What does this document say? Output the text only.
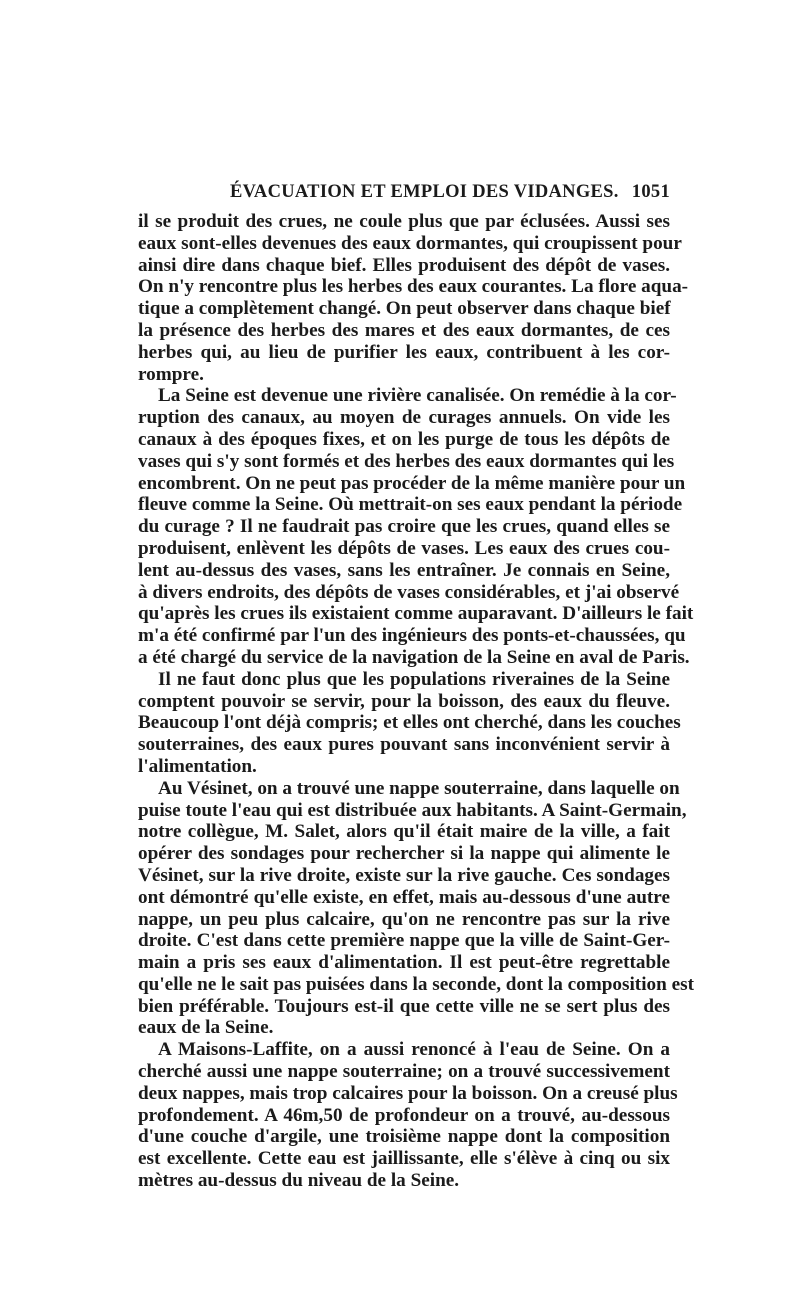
ÉVACUATION ET EMPLOI DES VIDANGES. 1051
il se produit des crues, ne coule plus que par éclusées. Aussi ses
eaux sont-elles devenues des eaux dormantes, qui croupissent pour
ainsi dire dans chaque bief. Elles produisent des dépôt de vases.
On n'y rencontre plus les herbes des eaux courantes. La flore aqua-
tique a complètement changé. On peut observer dans chaque bief
la présence des herbes des mares et des eaux dormantes, de ces
herbes qui, au lieu de purifier les eaux, contribuent à les cor-
rompre.
La Seine est devenue une rivière canalisée. On remédie à la cor-
ruption des canaux, au moyen de curages annuels. On vide les
canaux à des époques fixes, et on les purge de tous les dépôts de
vases qui s'y sont formés et des herbes des eaux dormantes qui les
encombrent. On ne peut pas procéder de la même manière pour un
fleuve comme la Seine. Où mettrait-on ses eaux pendant la période
du curage ? Il ne faudrait pas croire que les crues, quand elles se
produisent, enlèvent les dépôts de vases. Les eaux des crues cou-
lent au-dessus des vases, sans les entraîner. Je connais en Seine,
à divers endroits, des dépôts de vases considérables, et j'ai observé
qu'après les crues ils existaient comme auparavant. D'ailleurs le fait
m'a été confirmé par l'un des ingénieurs des ponts-et-chaussées, qu
a été chargé du service de la navigation de la Seine en aval de Paris.
Il ne faut donc plus que les populations riveraines de la Seine
comptent pouvoir se servir, pour la boisson, des eaux du fleuve.
Beaucoup l'ont déjà compris; et elles ont cherché, dans les couches
souterraines, des eaux pures pouvant sans inconvénient servir à
l'alimentation.
Au Vésinet, on a trouvé une nappe souterraine, dans laquelle on
puise toute l'eau qui est distribuée aux habitants. A Saint-Germain,
notre collègue, M. Salet, alors qu'il était maire de la ville, a fait
opérer des sondages pour rechercher si la nappe qui alimente le
Vésinet, sur la rive droite, existe sur la rive gauche. Ces sondages
ont démontré qu'elle existe, en effet, mais au-dessous d'une autre
nappe, un peu plus calcaire, qu'on ne rencontre pas sur la rive
droite. C'est dans cette première nappe que la ville de Saint-Ger-
main a pris ses eaux d'alimentation. Il est peut-être regrettable
qu'elle ne le sait pas puisées dans la seconde, dont la composition est
bien préférable. Toujours est-il que cette ville ne se sert plus des
eaux de la Seine.
A Maisons-Laffite, on a aussi renoncé à l'eau de Seine. On a
cherché aussi une nappe souterraine; on a trouvé successivement
deux nappes, mais trop calcaires pour la boisson. On a creusé plus
profondement. A 46m,50 de profondeur on a trouvé, au-dessous
d'une couche d'argile, une troisième nappe dont la composition
est excellente. Cette eau est jaillissante, elle s'élève à cinq ou six
mètres au-dessus du niveau de la Seine.
